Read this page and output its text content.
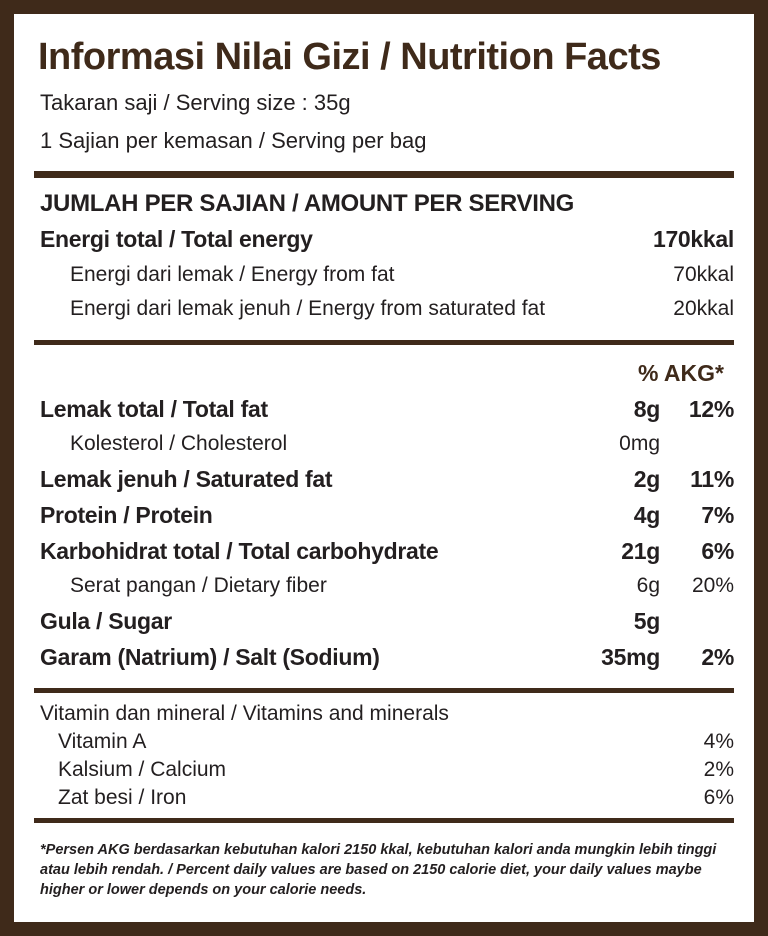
Informasi Nilai Gizi / Nutrition Facts
Takaran saji / Serving size : 35g
1 Sajian per kemasan / Serving per bag
JUMLAH PER SAJIAN / AMOUNT PER SERVING
Energi total / Total energy	170kkal
Energi dari lemak / Energy from fat	70kkal
Energi dari lemak jenuh / Energy from saturated fat	20kkal
% AKG*
Lemak total / Total fat	8g 12%
Kolesterol / Cholesterol	0mg
Lemak jenuh / Saturated fat	2g 11%
Protein / Protein	4g 7%
Karbohidrat total / Total carbohydrate	21g 6%
Serat pangan / Dietary fiber	6g 20%
Gula / Sugar	5g
Garam (Natrium) / Salt (Sodium)	35mg 2%
Vitamin dan mineral / Vitamins and minerals
Vitamin A	4%
Kalsium / Calcium	2%
Zat besi / Iron	6%
*Persen AKG berdasarkan kebutuhan kalori 2150 kkal, kebutuhan kalori anda mungkin lebih tinggi atau lebih rendah. / Percent daily values are based on 2150 calorie diet, your daily values maybe higher or lower depends on your calorie needs.
